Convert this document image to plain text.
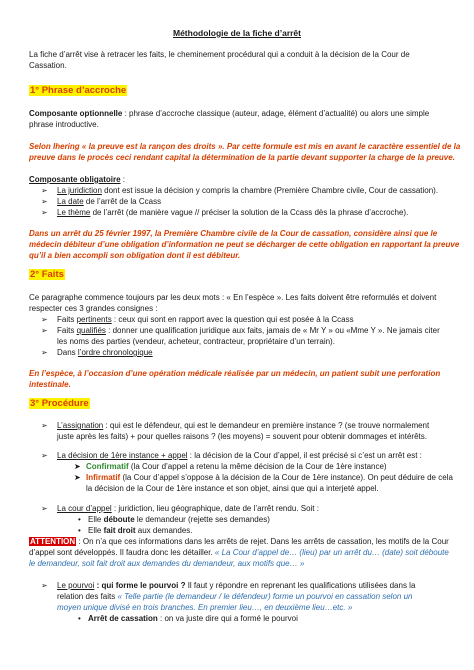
Méthodologie de la fiche d’arrêt
La fiche d’arrêt vise à retracer les faits, le cheminement procédural qui a conduit à la décision de la Cour de
Cassation.
1° Phrase d’accroche
Composante optionnelle : phrase d’accroche classique (auteur, adage, élément d’actualité) ou alors une simple
phrase introductive.
Selon Ihering « la preuve est la rançon des droits ». Par cette formule est mis en avant le caractère essentiel de la
preuve dans le procès ceci rendant capital la détermination de la partie devant supporter la charge de la preuve.
Composante obligatoire :
➢ La juridiction dont est issue la décision y compris la chambre (Première Chambre civile, Cour de cassation).
➢ La date de l’arrêt de la Ccass
➢ Le thème de l’arrêt (de manière vague // préciser la solution de la Ccass dès la phrase d’accroche).
Dans un arrêt du 25 février 1997, la Première Chambre civile de la Cour de cassation, considère ainsi que le
médecin débiteur d’une obligation d’information ne peut se décharger de cette obligation en rapportant la preuve
qu’il a bien accompli son obligation dont il est débiteur.
2° Faits
Ce paragraphe commence toujours par les deux mots : « En l’espèce ». Les faits doivent être reformulés et doivent
respecter ces 3 grandes consignes :
➢ Faits pertinents : ceux qui sont en rapport avec la question qui est posée à la Ccass
➢ Faits qualifiés : donner une qualification juridique aux faits, jamais de « Mr Y » ou «Mme Y ». Ne jamais citer
les noms des parties (vendeur, acheteur, contracteur, propriétaire d’un terrain).
➢ Dans l’ordre chronologique
En l’espèce, à l’occasion d’une opération médicale réalisée par un médecin, un patient subit une perforation
intestinale.
3° Procédure
➢ L’assignation : qui est le défendeur, qui est le demandeur en première instance ? (se trouve normalement
juste après les faits) + pour quelles raisons ? (les moyens) = souvent pour obtenir dommages et intérêts.
➢ La décision de 1ère instance + appel : la décision de la Cour d’appel, il est précisé si c’est un arrêt est :
➤ Confirmatif (la Cour d’appel a retenu la même décision de la Cour de 1ère instance)
➤ Infirmatif (la Cour d’appel s’oppose à la décision de la Cour de 1ère instance). On peut déduire de cela
la décision de la Cour de 1ère instance et son objet, ainsi que qui a interjeté appel.
➢ La cour d’appel : juridiction, lieu géographique, date de l’arrêt rendu. Soit :
• Elle déboute le demandeur (rejette ses demandes)
• Elle fait droit aux demandes.
ATTENTION : On n’a que ces informations dans les arrêts de rejet. Dans les arrêts de cassation, les motifs de la Cour
d’appel sont développés. Il faudra donc les détailler. « La Cour d’appel de… (lieu) par un arrêt du… (date) soit déboute
le demandeur, soit fait droit aux demandes du demandeur, aux motifs que… »
➢ Le pourvoi : qui forme le pourvoi ? Il faut y répondre en reprenant les qualifications utilisées dans la
relation des faits « Telle partie (le demandeur / le défendeur) forme un pourvoi en cassation selon un
moyen unique divisé en trois branches. En premier lieu…, en deuxième lieu…etc. »
• Arrêt de cassation : on va juste dire qui a formé le pourvoi
